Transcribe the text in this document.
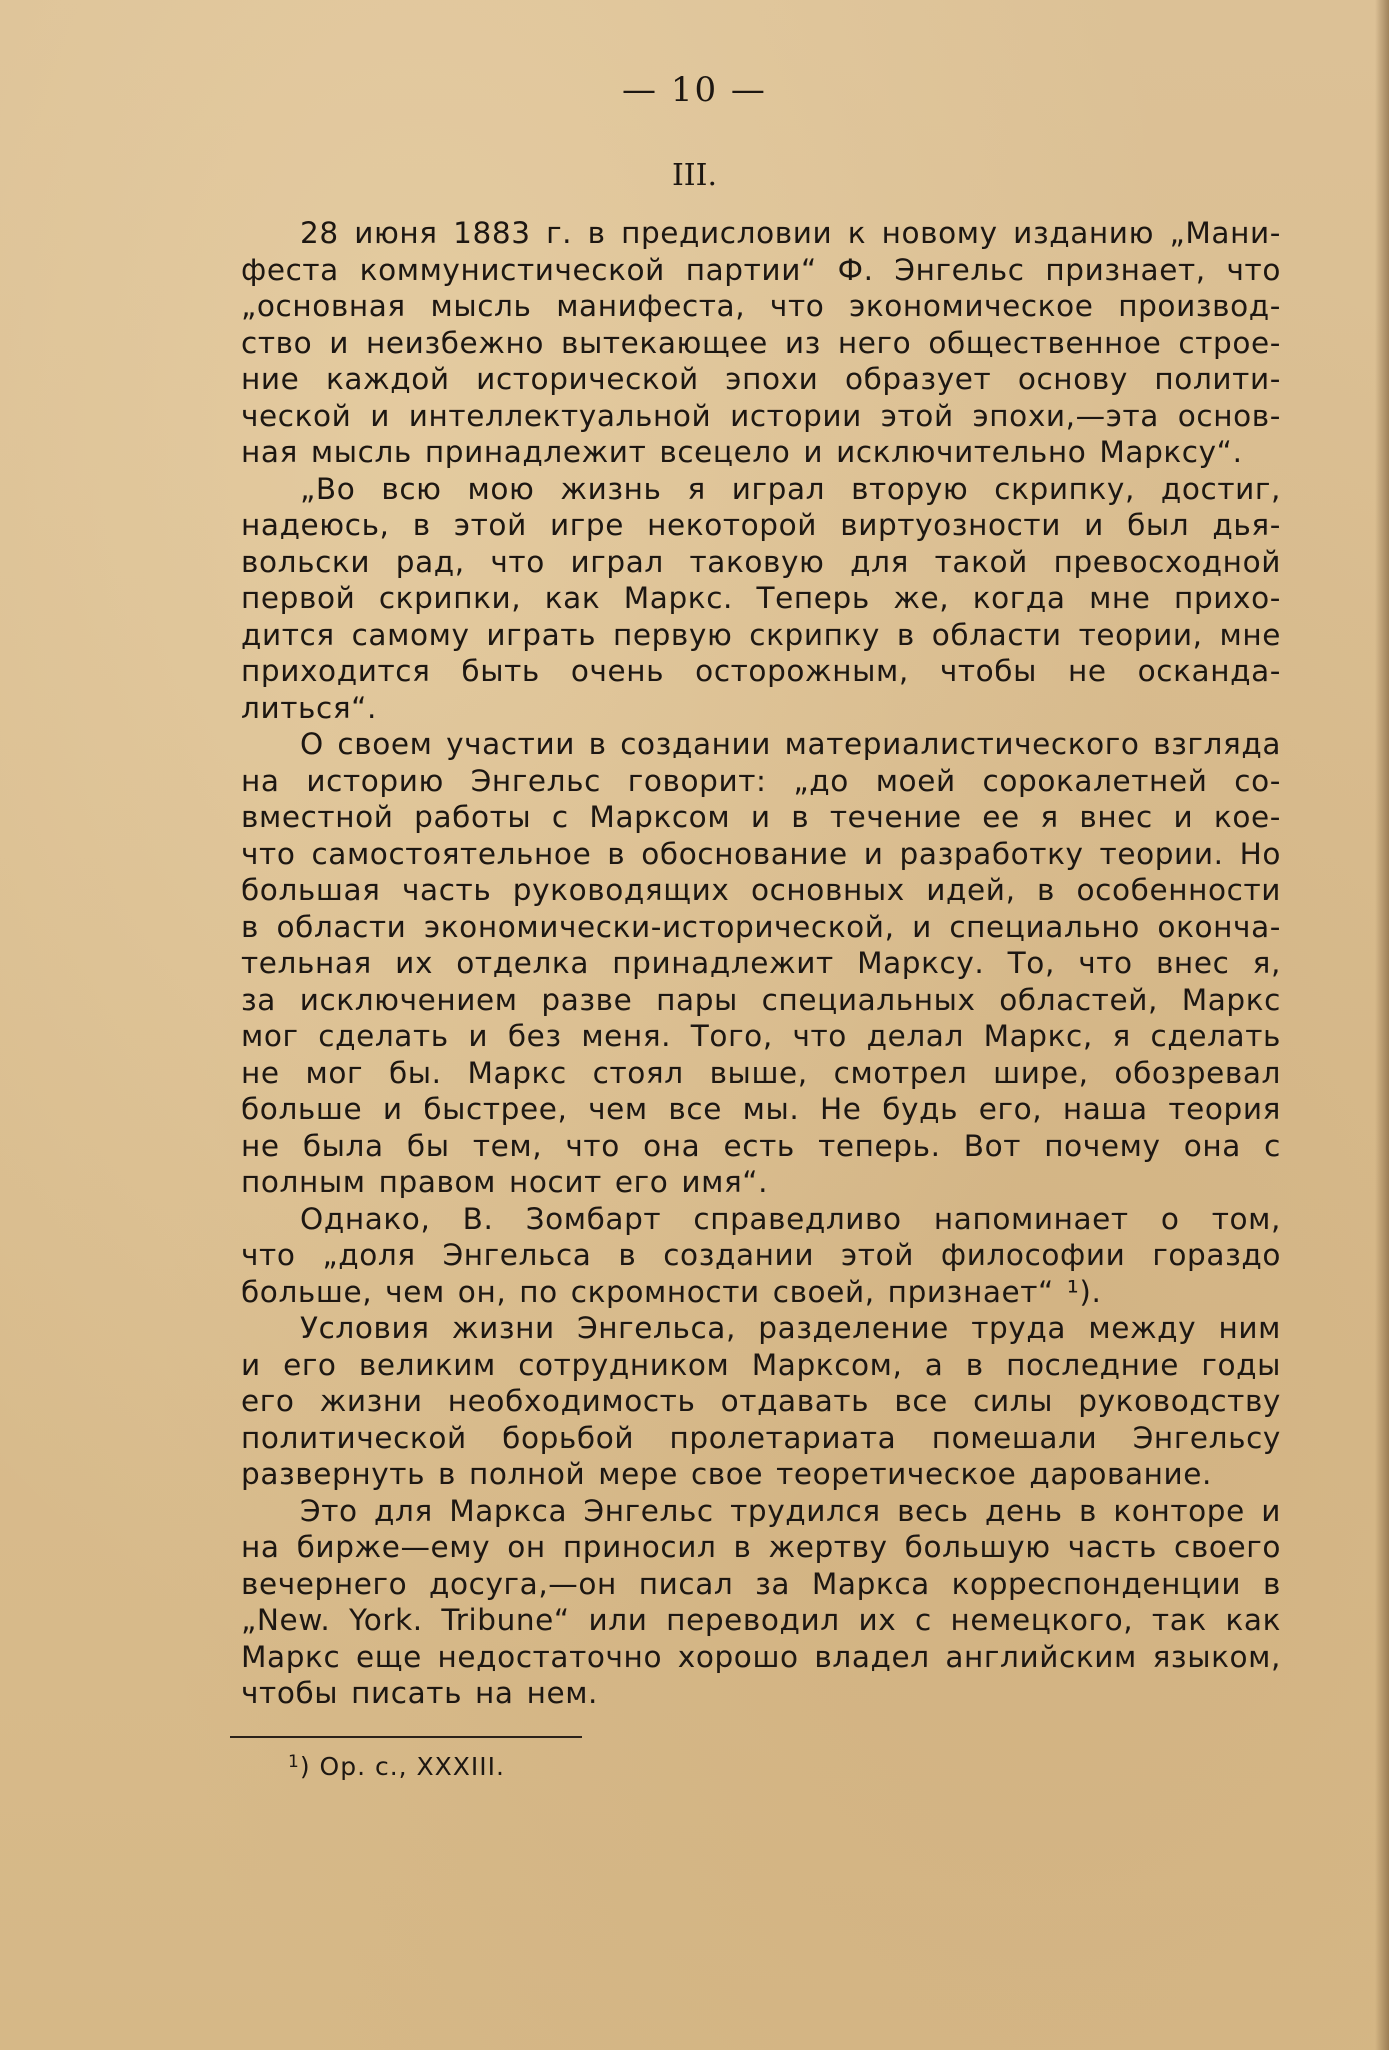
— 10 —
III.
28 июня 1883 г. в предисловии к новому изданию „Мани-
феста коммунистической партии“ Ф. Энгельс признает, что
„основная мысль манифеста, что экономическое производ-
ство и неизбежно вытекающее из него общественное строе-
ние каждой исторической эпохи образует основу полити-
ческой и интеллектуальной истории этой эпохи,—эта основ-
ная мысль принадлежит всецело и исключительно Марксу“.
„Во всю мою жизнь я играл вторую скрипку, достиг,
надеюсь, в этой игре некоторой виртуозности и был дья-
вольски рад, что играл таковую для такой превосходной
первой скрипки, как Маркс. Теперь же, когда мне прихо-
дится самому играть первую скрипку в области теории, мне
приходится быть очень осторожным, чтобы не оскандa-
литься“.
О своем участии в создании материалистического взгляда
на историю Энгельс говорит: „до моей сорокалетней со-
вместной работы с Марксом и в течение ее я внес и кое-
что самостоятельное в обоснование и разработку теории. Но
большая часть руководящих основных идей, в особенности
в области экономически-исторической, и специально оконча-
тельная их отделка принадлежит Марксу. То, что внес я,
за исключением разве пары специальных областей, Маркс
мог сделать и без меня. Того, что делал Маркс, я сделать
не мог бы. Маркс стоял выше, смотрел шире, обозревал
больше и быстрее, чем все мы. Не будь его, наша теория
не была бы тем, что она есть теперь. Вот почему она с
полным правом носит его имя“.
Однако, В. Зомбарт справедливо напоминает о том,
что „доля Энгельса в создании этой философии гораздо
больше, чем он, по скромности своей, признает“ ¹).
Условия жизни Энгельса, разделение труда между ним
и его великим сотрудником Марксом, а в последние годы
его жизни необходимость отдавать все силы руководству
политической борьбой пролетариата помешали Энгельсу
развернуть в полной мере свое теоретическое дарование.
Это для Маркса Энгельс трудился весь день в конторе и
на бирже—ему он приносил в жертву большую часть своего
вечернего досуга,—он писал за Маркса корреспонденции в
„New. York. Tribune“ или переводил их с немецкого, так как
Маркс еще недостаточно хорошо владел английским языком,
чтобы писать на нем.
$^1$) Op. c., XXXIII.
